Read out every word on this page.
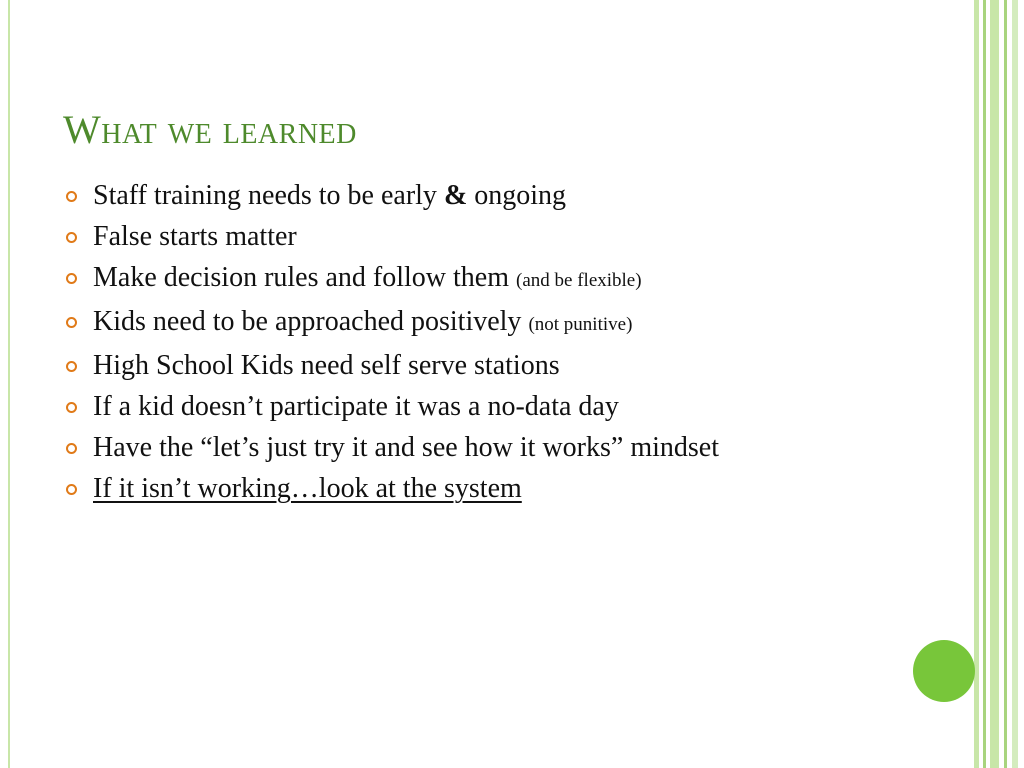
What we learned
Staff training needs to be early & ongoing
False starts matter
Make decision rules and follow them (and be flexible)
Kids need to be approached positively (not punitive)
High School Kids need self serve stations
If a kid doesn’t participate it was a no-data day
Have the “let’s just try it and see how it works” mindset
If it isn’t working…look at the system
